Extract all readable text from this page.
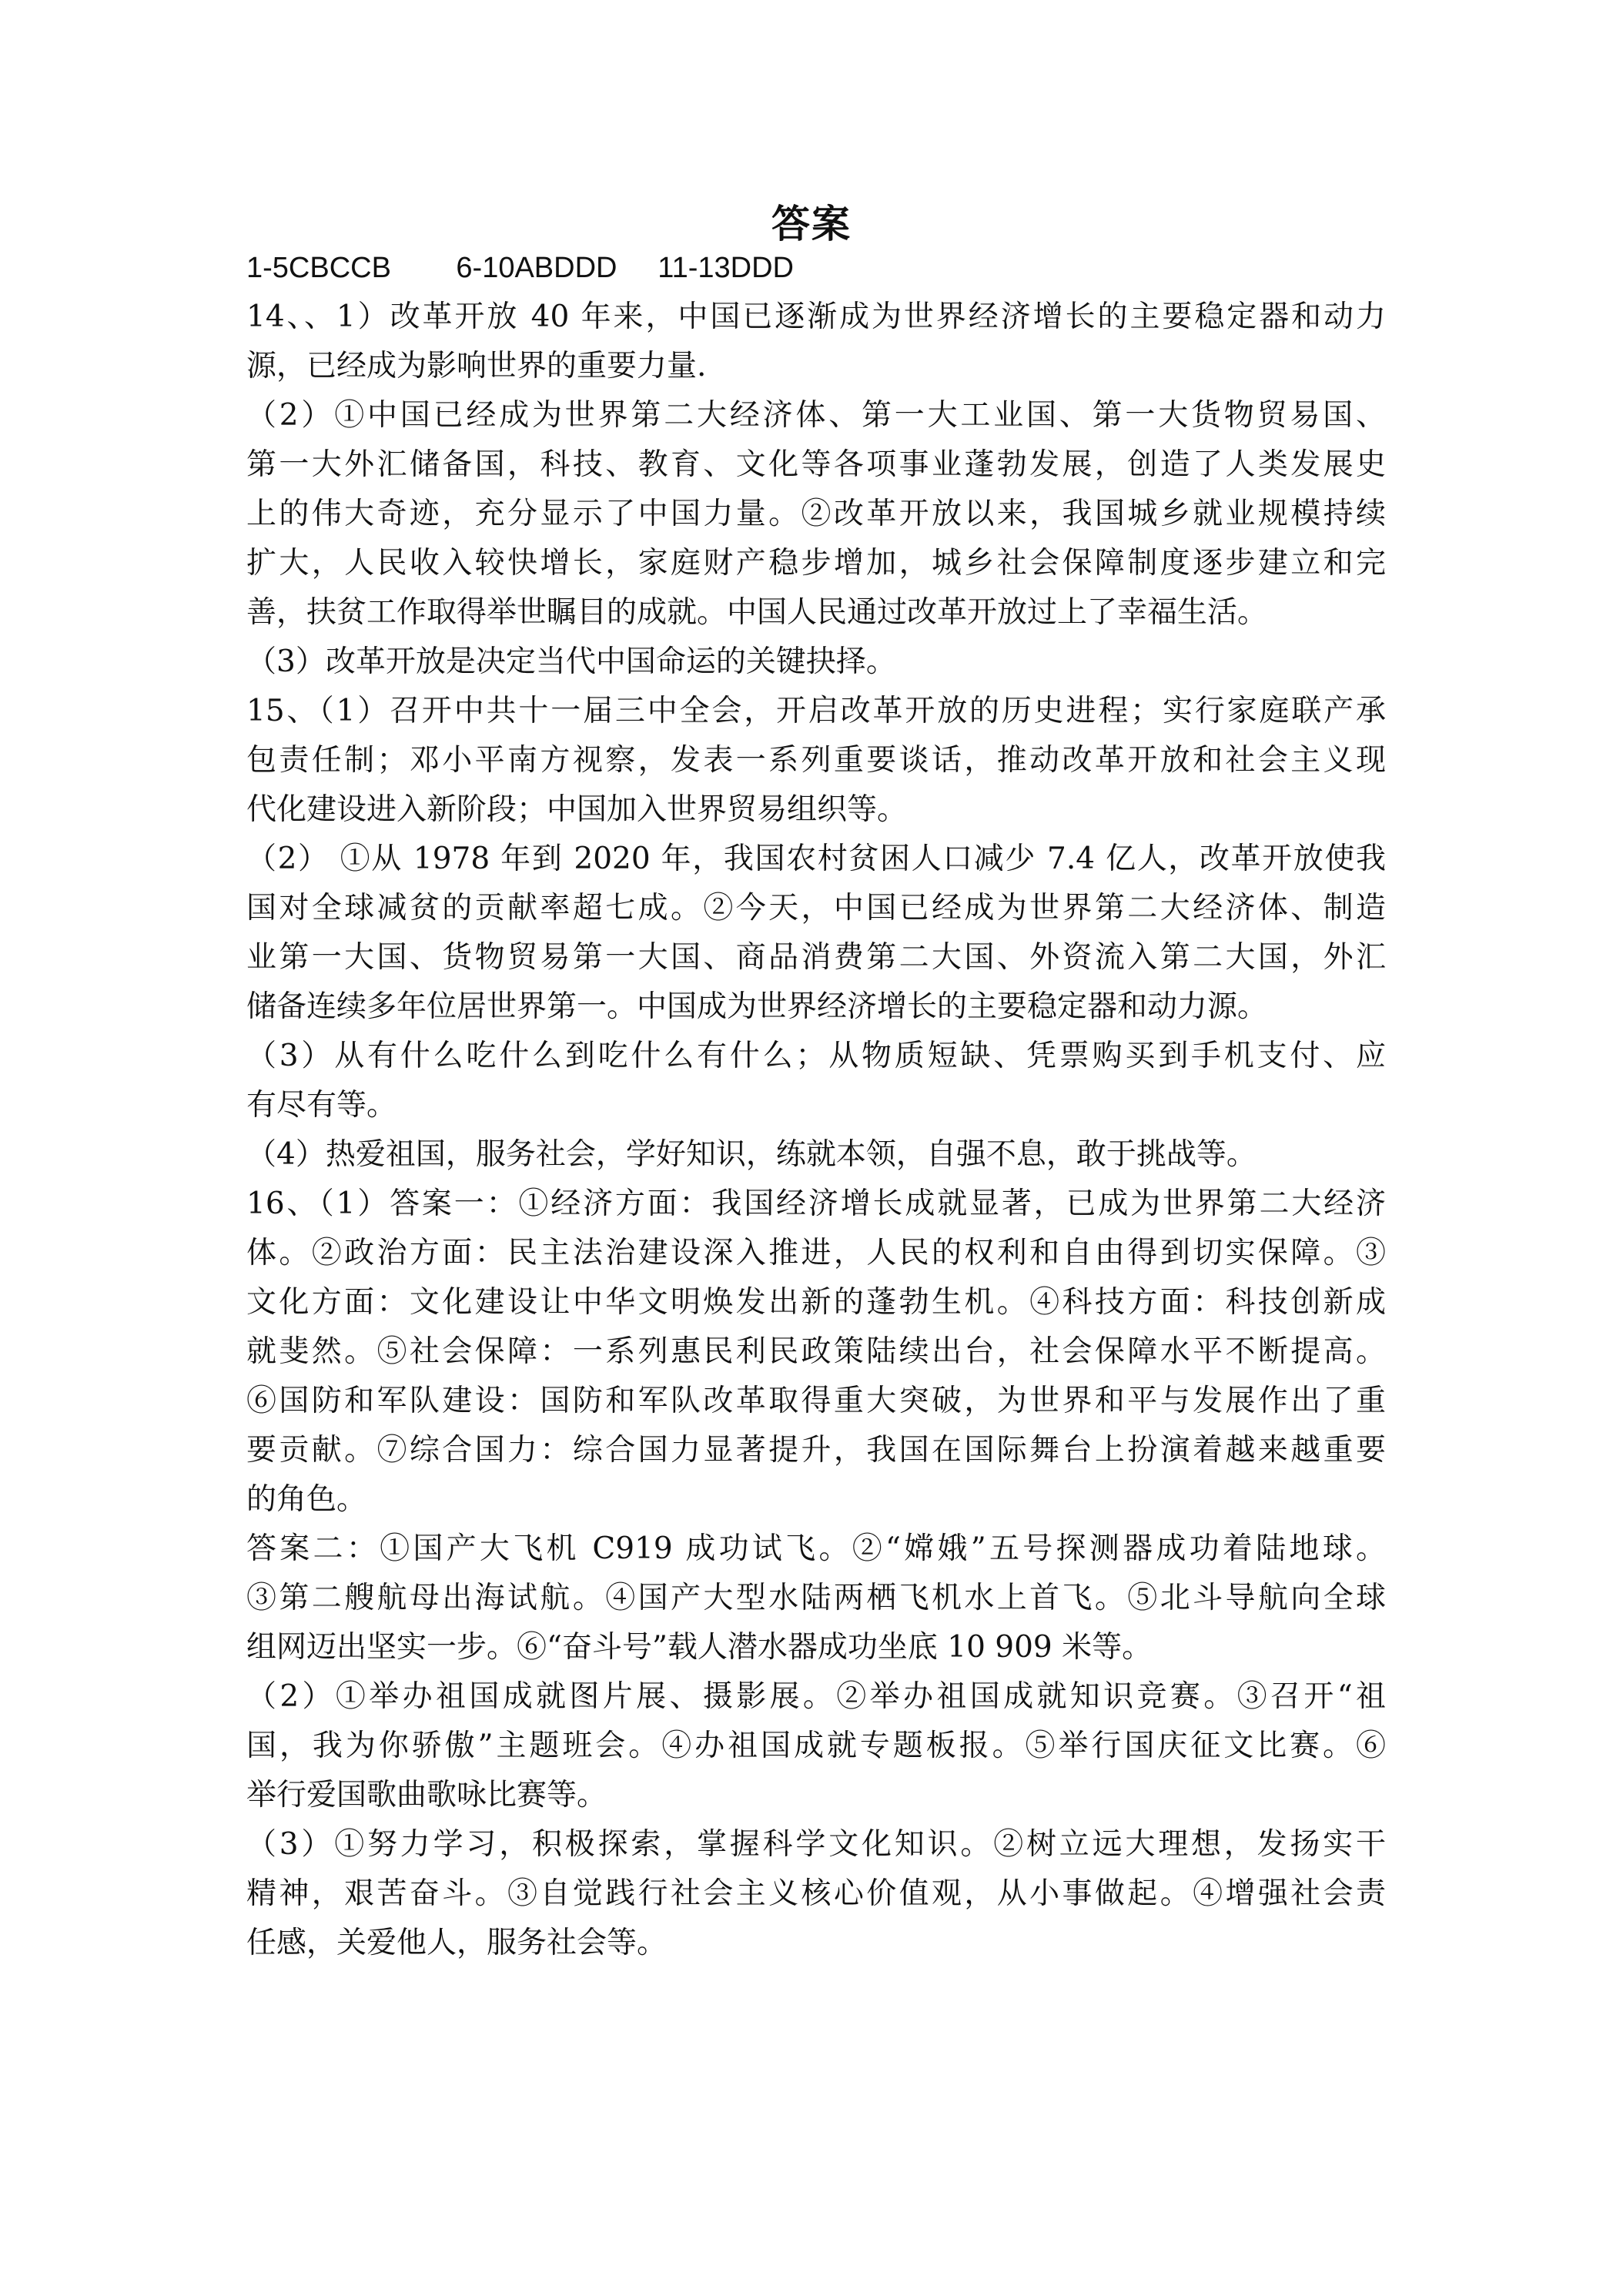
答案
1-5CBCCB        6-10ABDDD     11-13DDD
14、、1）改革开放 40 年来，中国已逐渐成为世界经济增长的主要稳定器和动力
源，已经成为影响世界的重要力量.
（2）①中国已经成为世界第二大经济体、第一大工业国、第一大货物贸易国、
第一大外汇储备国，科技、教育、文化等各项事业蓬勃发展，创造了人类发展史
上的伟大奇迹，充分显示了中国力量。②改革开放以来，我国城乡就业规模持续
扩大，人民收入较快增长，家庭财产稳步增加，城乡社会保障制度逐步建立和完
善，扶贫工作取得举世瞩目的成就。中国人民通过改革开放过上了幸福生活。
（3）改革开放是决定当代中国命运的关键抉择。
15、（1）召开中共十一届三中全会，开启改革开放的历史进程；实行家庭联产承
包责任制；邓小平南方视察，发表一系列重要谈话，推动改革开放和社会主义现
代化建设进入新阶段；中国加入世界贸易组织等。
（2） ①从 1978 年到 2020 年，我国农村贫困人口减少 7.4 亿人，改革开放使我
国对全球减贫的贡献率超七成。②今天，中国已经成为世界第二大经济体、制造
业第一大国、货物贸易第一大国、商品消费第二大国、外资流入第二大国，外汇
储备连续多年位居世界第一。中国成为世界经济增长的主要稳定器和动力源。
（3）从有什么吃什么到吃什么有什么；从物质短缺、凭票购买到手机支付、应
有尽有等。
（4）热爱祖国，服务社会，学好知识，练就本领，自强不息，敢于挑战等。
16、（1）答案一：①经济方面：我国经济增长成就显著，已成为世界第二大经济
体。②政治方面：民主法治建设深入推进，人民的权利和自由得到切实保障。③
文化方面：文化建设让中华文明焕发出新的蓬勃生机。④科技方面：科技创新成
就斐然。⑤社会保障：一系列惠民利民政策陆续出台，社会保障水平不断提高。
⑥国防和军队建设：国防和军队改革取得重大突破，为世界和平与发展作出了重
要贡献。⑦综合国力：综合国力显著提升，我国在国际舞台上扮演着越来越重要
的角色。
答案二：①国产大飞机 C919 成功试飞。②“嫦娥”五号探测器成功着陆地球。
③第二艘航母出海试航。④国产大型水陆两栖飞机水上首飞。⑤北斗导航向全球
组网迈出坚实一步。⑥“奋斗号”载人潜水器成功坐底 10 909 米等。
（2）①举办祖国成就图片展、摄影展。②举办祖国成就知识竞赛。③召开“祖
国，我为你骄傲”主题班会。④办祖国成就专题板报。⑤举行国庆征文比赛。⑥
举行爱国歌曲歌咏比赛等。
（3）①努力学习，积极探索，掌握科学文化知识。②树立远大理想，发扬实干
精神，艰苦奋斗。③自觉践行社会主义核心价值观，从小事做起。④增强社会责
任感，关爱他人，服务社会等。
